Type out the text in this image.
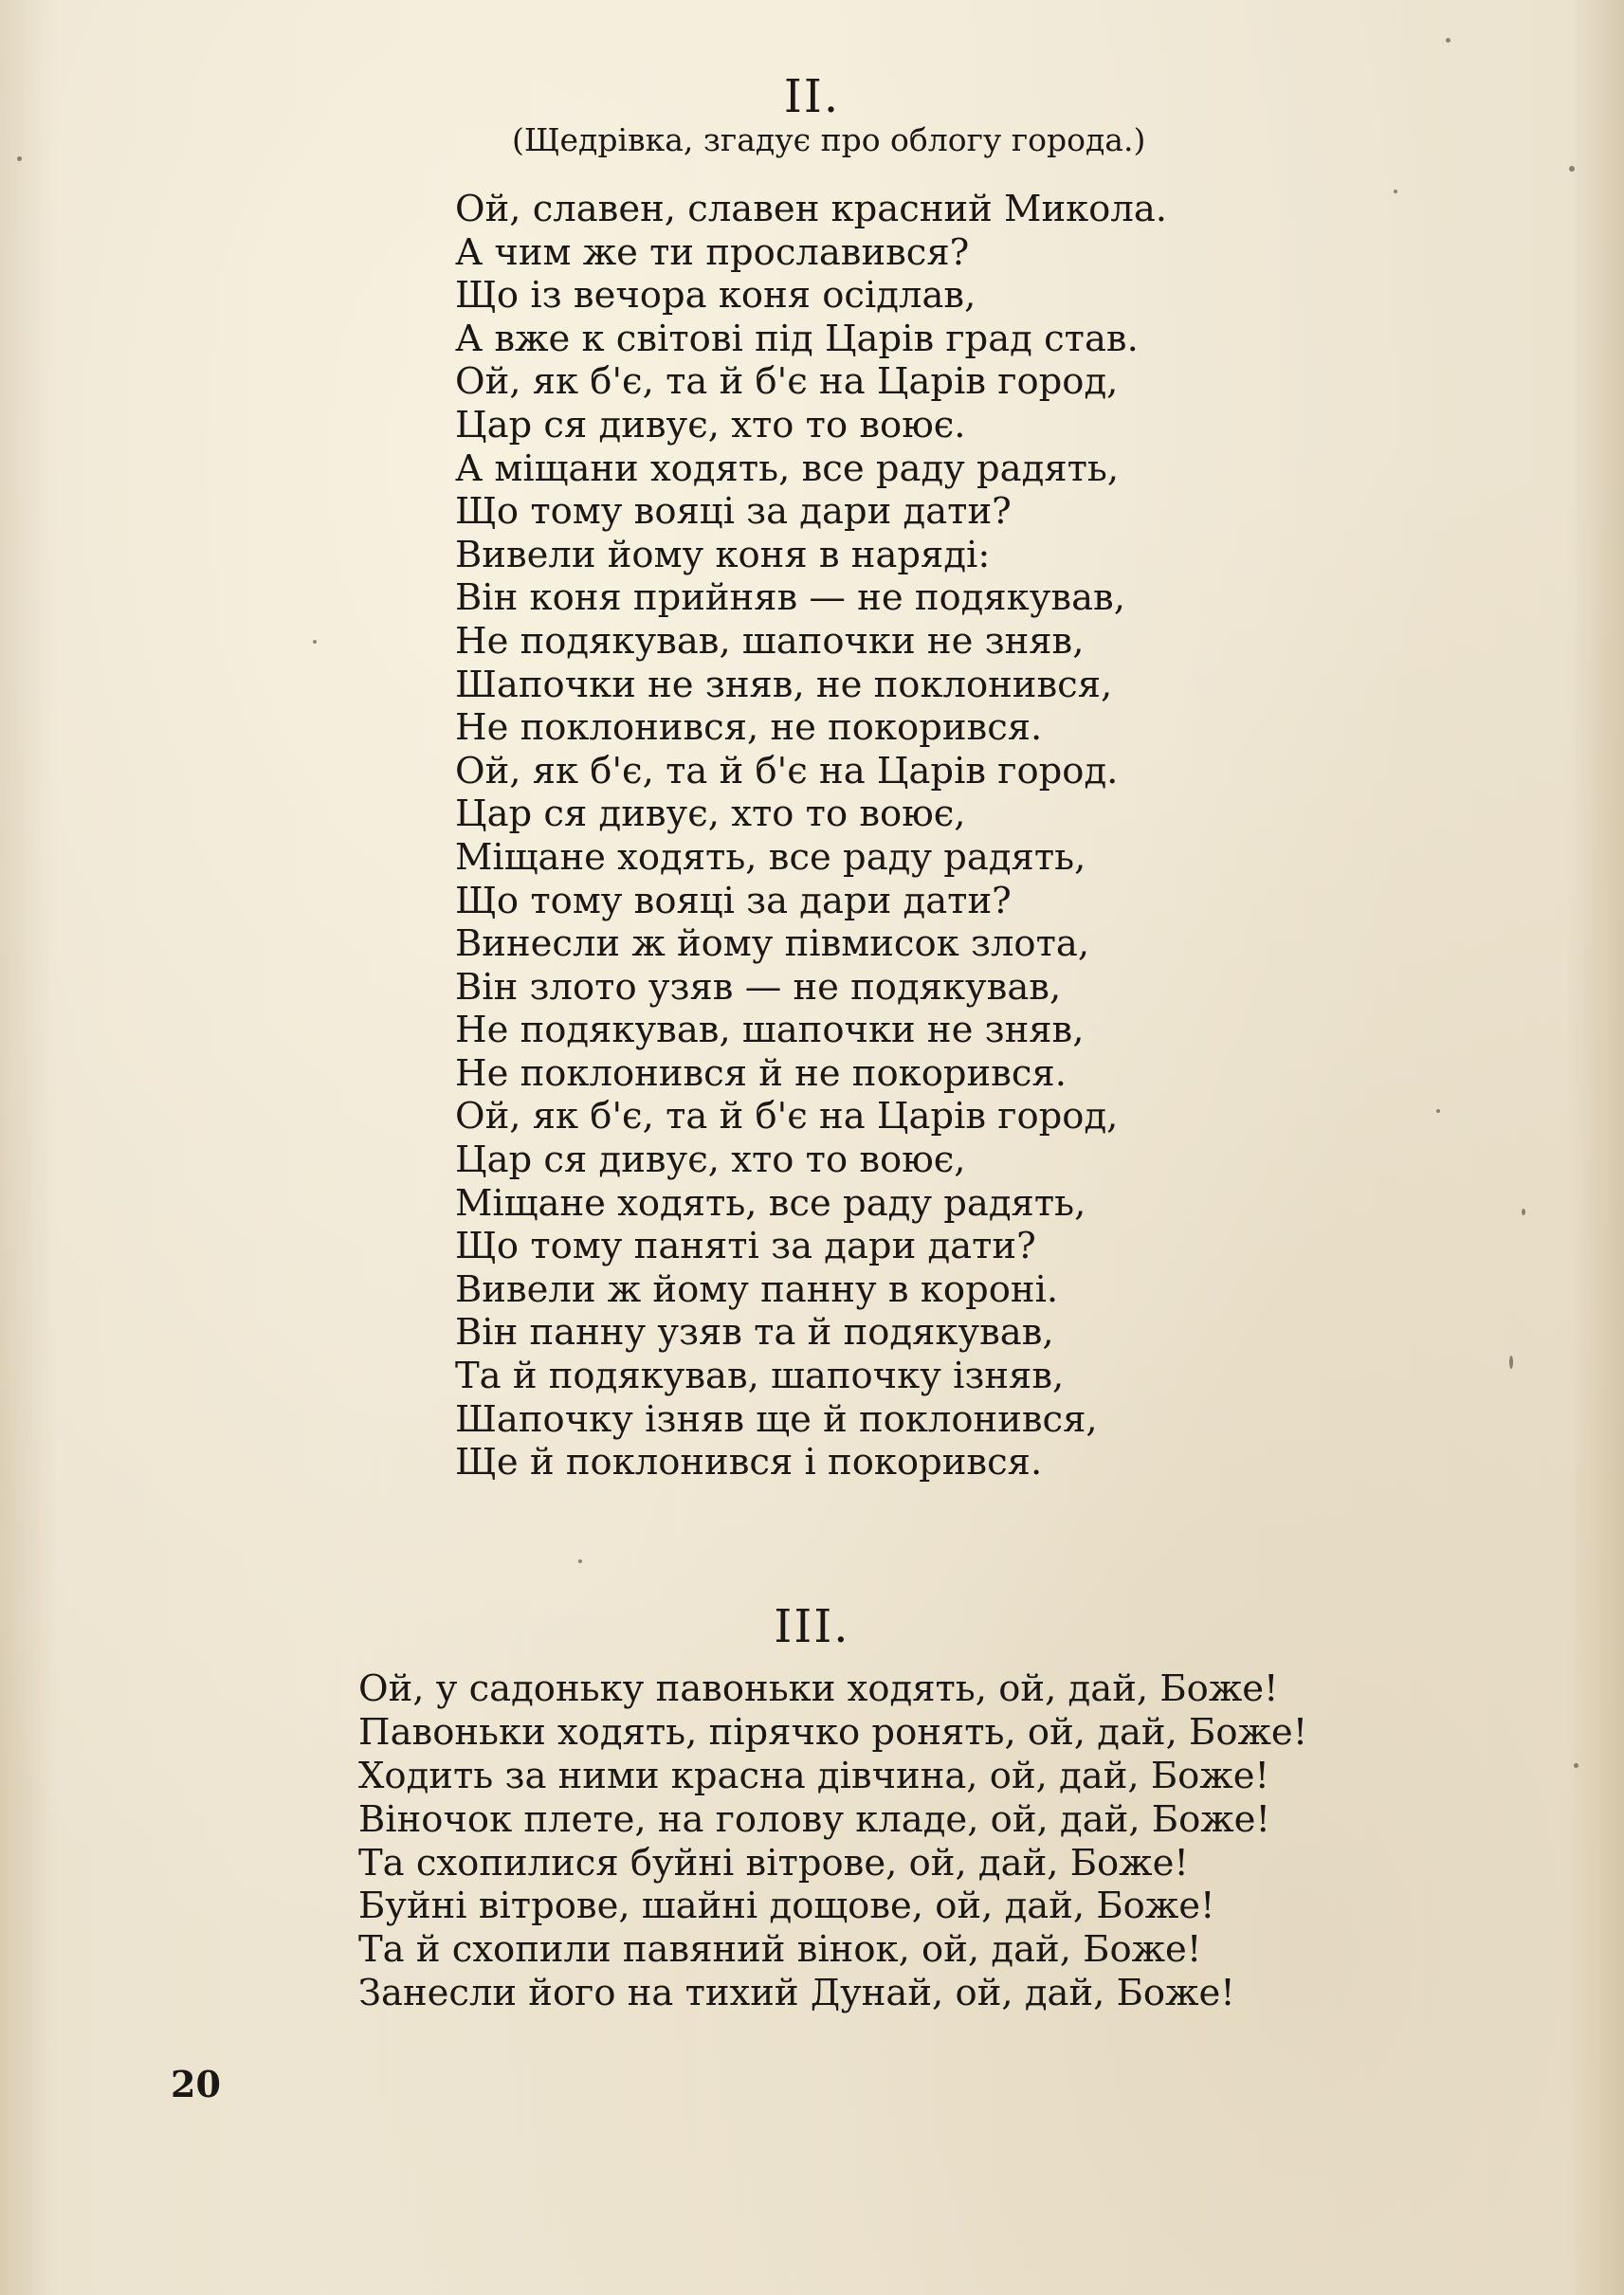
II.
(Щедрівка, згадує про облогу города.)
Ой, славен, славен красний Микола.
А чим же ти прославився?
Що із вечора коня осідлав,
А вже к світові під Царів град став.
Ой, як б'є, та й б'є на Царів город,
Цар ся дивує, хто то воює.
А міщани ходять, все раду радять,
Що тому вояці за дари дати?
Вивели йому коня в наряді:
Він коня прийняв — не подякував,
Не подякував, шапочки не зняв,
Шапочки не зняв, не поклонився,
Не поклонився, не покорився.
Ой, як б'є, та й б'є на Царів город.
Цар ся дивує, хто то воює,
Міщане ходять, все раду радять,
Що тому вояці за дари дати?
Винесли ж йому півмисок злота,
Він злото узяв — не подякував,
Не подякував, шапочки не зняв,
Не поклонився й не покорився.
Ой, як б'є, та й б'є на Царів город,
Цар ся дивує, хто то воює,
Міщане ходять, все раду радять,
Що тому паняті за дари дати?
Вивели ж йому панну в короні.
Він панну узяв та й подякував,
Та й подякував, шапочку ізняв,
Шапочку ізняв ще й поклонився,
Ще й поклонився і покорився.
III.
Ой, у садоньку павоньки ходять, ой, дай, Боже!
Павоньки ходять, пірячко ронять, ой, дай, Боже!
Ходить за ними красна дівчина, ой, дай, Боже!
Віночок плете, на голову кладе, ой, дай, Боже!
Та схопилися буйні вітрове, ой, дай, Боже!
Буйні вітрове, шайні дощове, ой, дай, Боже!
Та й схопили павяний вінок, ой, дай, Боже!
Занесли його на тихий Дунай, ой, дай, Боже!
20
